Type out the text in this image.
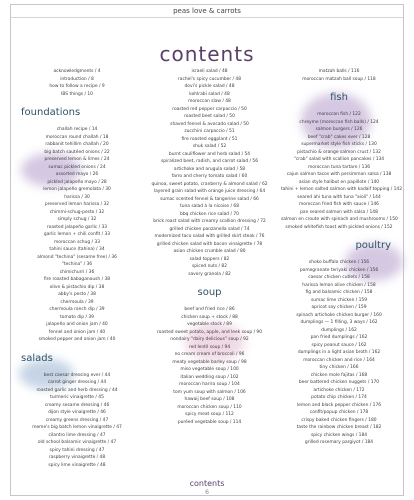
peas love & carrots
contents
acknowledgments / 4
introduction / 8
how to follow a recipe / 9
IBS things / 10
foundations
challah recipe / 14
moroccan round challah / 18
rabbanit tehillim challah / 20
big batch sautéed onions / 22
preserved lemon & limes / 24
sumac pickled onions / 24
assorted mayo / 26
pickled jalapeño mayo / 28
lemon jalapeño gremolata / 30
harissa / 30
preserved lemon harissa / 32
chimmi-schug-pesto / 32
simply schug / 32
roasted jalapeño garlic / 33
garlic lemon + chili confit / 33
moroccan schug / 33
tahini sauce (tahina) / 34
almond "techina" (sesame free) / 36
"techina" / 36
chimichurri / 36
fire roasted babaganoush / 38
olive & pistachio dip / 38
abby's pesto / 38
chermoula / 39
chermoula ranch dip / 39
tomato dip / 39
jalapeño and onion jam / 40
fennel and onion jam / 40
smoked pepper and onion jam / 40
salads
best caesar dressing ever / 44
carrot ginger dressing / 44
roasted garlic and herb dressing / 44
turmeric vinaigrette / 45
creamy sesame dressing / 46
dijon style vinaigrette / 46
creamy greens dressing / 47
meme's big batch lemon vinaigrette / 47
cilantro lime dressing / 47
old school balsamic vinaigrette / 47
spicy tahini dressing / 47
raspberry vinaigrette / 48
spicy lime vinaigrette / 48
israeli salad / 48
rachel's spicy cucumber / 48
dovi's pickle salad / 48
kohlrabi salad / 48
moroccan slaw / 48
roasted red pepper carpaccio / 50
roasted beet salad / 50
shaved fennel & avocado salad / 50
zucchini carpaccio / 51
fire roasted eggplant / 51
shuk salad / 52
burnt cauliflower and herb salad / 54
spiralized beet, radish, and carrot salad / 56
artichoke and arugula salad / 58
farro and cherry tomato salad / 60
quinoa, sweet potato, cranberry & almond salad / 62
layered grain salad with orange juice dressing / 64
sumac scented fennel & tangerine salad / 66
tuna salad à la nicoise / 68
bbq chicken rice salad / 70
brick roast salad with creamy scallion dressing / 72
grilled chicken panzanella salad / 74
modernized taco salad with grilled skirt steak / 76
grilled chicken salad with bacon vinaigrette / 78
asian chicken crumble salad / 80
salad toppers / 82
spiced nuts / 82
savory granola / 82
soup
beef and fried rice / 86
chicken soup + stock / 88
vegetable stock / 89
roasted sweet potato, apple, and leek soup / 90
nondairy "dairy delicious" soup / 92
red lentil soup / 94
no cream cream of broccoli / 96
meaty vegetable barley soup / 98
miso vegetable soup / 100
italian wedding soup / 102
moroccan harira soup / 104
tom yum soup with salmon / 106
hawaij beef soup / 108
moroccan chicken soup / 110
spicy meat soup / 112
puréed vegetable soup / 114
matzah balls / 116
moroccan matzah ball soup / 118
fish
moroccan fish / 122
chreyme (moroccan fish balls) / 124
salmon burgers / 126
beef "crab" cakes ever / 128
supermarket style fish sticks / 130
pistachio & orange salmon crust / 132
"crab" salad with scallion pancakes / 134
moroccan tuna tartare / 136
cajun salmon tacos with persimmon salsa / 138
asian style halibut en papillote / 140
tahini + lemon salted salmon with kadaif topping / 142
seared ahi tuna with tuna "aioli" / 144
moroccan fried fish with sauce / 146
pan seared salmon with salsa / 148
salmon en croute with spinach and mushrooms / 150
smoked whitefish toast with pickled onions / 152
poultry
shoko buffalo chicken / 156
pomegranate teriyaki chicken / 156
caesar chicken cutlets / 158
harissa lemon olive chicken / 158
fig and balsamic chicken / 158
sumac lime chicken / 159
apricot soy chicken / 159
spinach artichoke chicken burger / 160
dumplings — 1 filling, 3 ways / 162
dumplings / 162
pan fried dumplings / 162
spicy peanut sauce / 162
dumplings in a light asian broth / 162
moroccan chicken and rice / 164
tiny chicken / 166
chicken mole fajitas / 168
beer battered chicken nuggets / 170
artichoke chicken / 172
potato chip chicken / 174
lemon and black pepper chicken / 176
confit/popup chicken / 178
crispy baked chicken fingers / 180
taste the rainbow chicken breast / 182
spicy chicken wings / 184
grilled rosemary pargiyot / 184
contents
6
